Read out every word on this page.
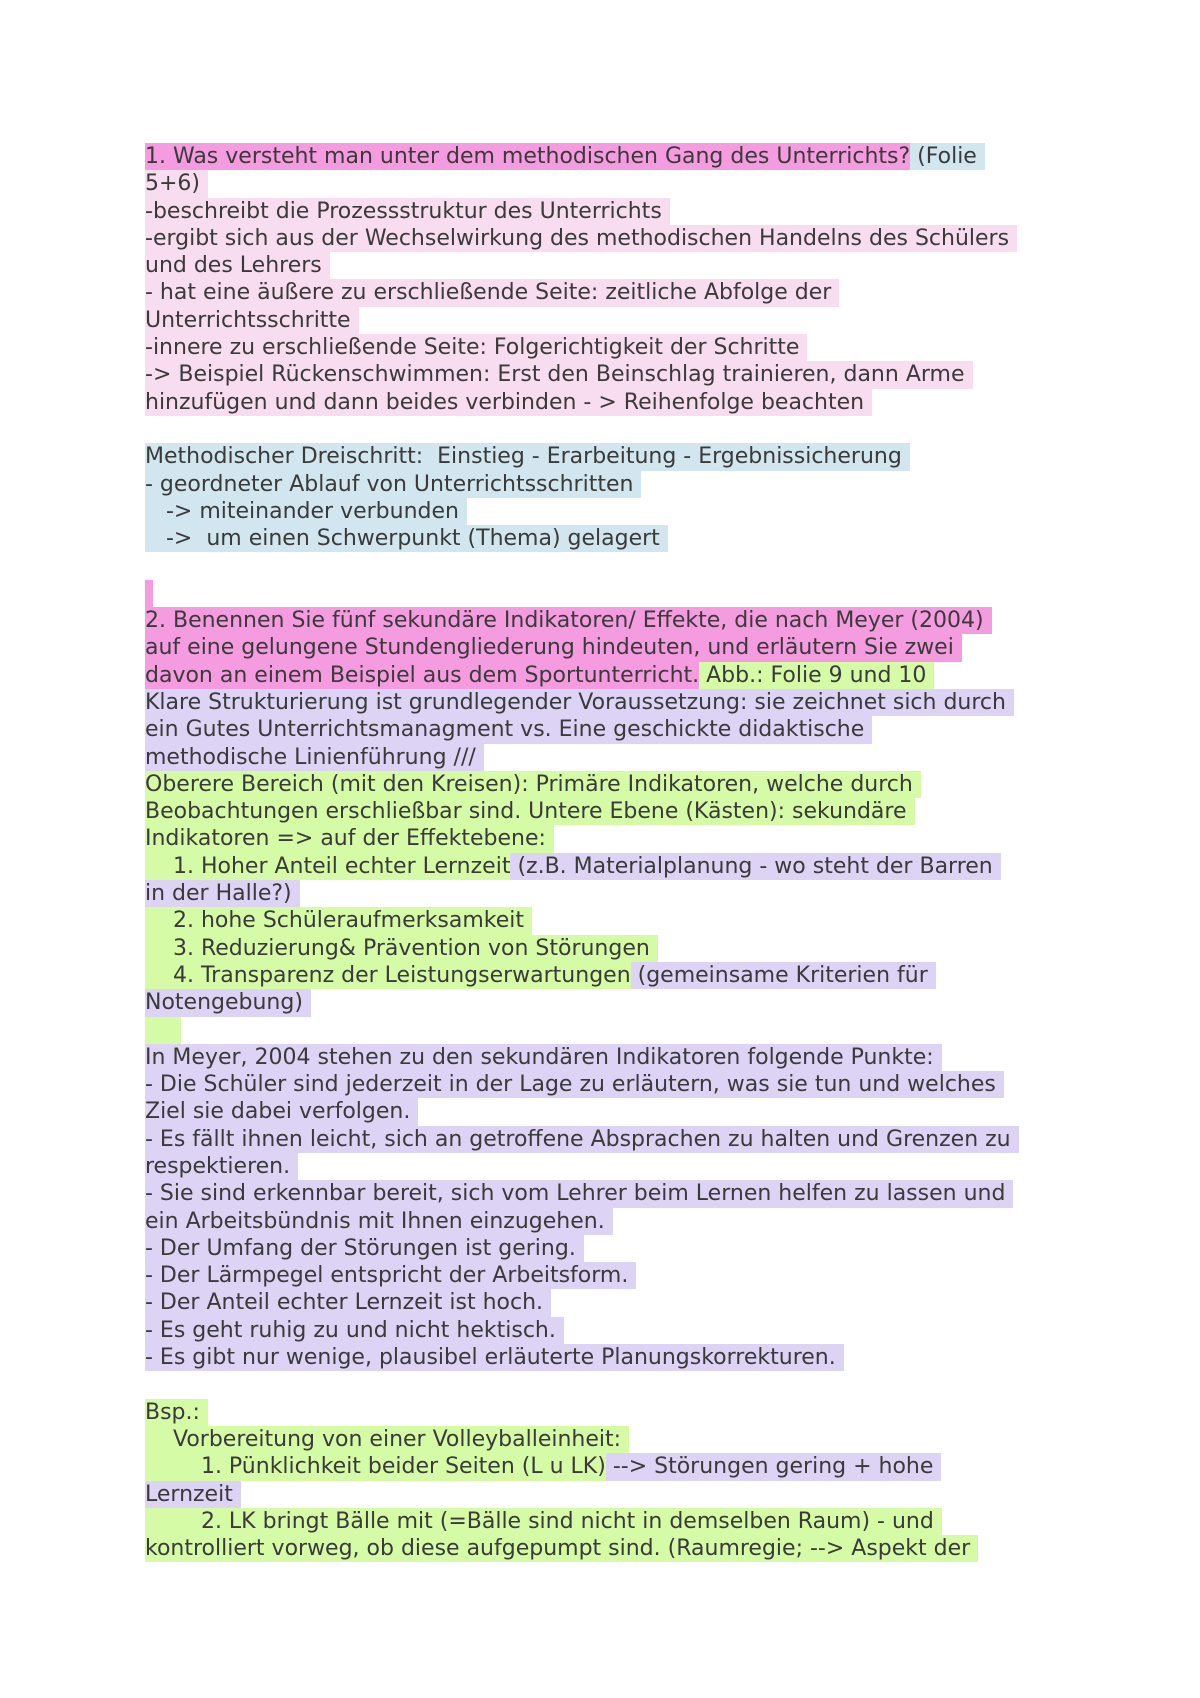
1. Was versteht man unter dem methodischen Gang des Unterrichts? (Folie
5+6)
-beschreibt die Prozessstruktur des Unterrichts
-ergibt sich aus der Wechselwirkung des methodischen Handelns des Schülers
und des Lehrers
- hat eine äußere zu erschließende Seite: zeitliche Abfolge der
Unterrichtsschritte
-innere zu erschließende Seite: Folgerichtigkeit der Schritte
-> Beispiel Rückenschwimmen: Erst den Beinschlag trainieren, dann Arme
hinzufügen und dann beides verbinden - > Reihenfolge beachten
Methodischer Dreischritt:  Einstieg - Erarbeitung - Ergebnissicherung
- geordneter Ablauf von Unterrichtsschritten
-> miteinander verbunden
->  um einen Schwerpunkt (Thema) gelagert
2. Benennen Sie fünf sekundäre Indikatoren/ Effekte, die nach Meyer (2004)
auf eine gelungene Stundengliederung hindeuten, und erläutern Sie zwei
davon an einem Beispiel aus dem Sportunterricht. Abb.: Folie 9 und 10
Klare Strukturierung ist grundlegender Voraussetzung: sie zeichnet sich durch
ein Gutes Unterrichtsmanagment vs. Eine geschickte didaktische
methodische Linienführung ///
Oberere Bereich (mit den Kreisen): Primäre Indikatoren, welche durch
Beobachtungen erschließbar sind. Untere Ebene (Kästen): sekundäre
Indikatoren => auf der Effektebene:
1. Hoher Anteil echter Lernzeit (z.B. Materialplanung - wo steht der Barren
in der Halle?)
2. hohe Schüleraufmerksamkeit
3. Reduzierung& Prävention von Störungen
4. Transparenz der Leistungserwartungen (gemeinsame Kriterien für
Notengebung)

In Meyer, 2004 stehen zu den sekundären Indikatoren folgende Punkte:
- Die Schüler sind jederzeit in der Lage zu erläutern, was sie tun und welches
Ziel sie dabei verfolgen.
- Es fällt ihnen leicht, sich an getroffene Absprachen zu halten und Grenzen zu
respektieren.
- Sie sind erkennbar bereit, sich vom Lehrer beim Lernen helfen zu lassen und
ein Arbeitsbündnis mit Ihnen einzugehen.
- Der Umfang der Störungen ist gering.
- Der Lärmpegel entspricht der Arbeitsform.
- Der Anteil echter Lernzeit ist hoch.
- Es geht ruhig zu und nicht hektisch.
- Es gibt nur wenige, plausibel erläuterte Planungskorrekturen.
Bsp.:
Vorbereitung von einer Volleyballeinheit:
1. Pünklichkeit beider Seiten (L u LK) --> Störungen gering + hohe
Lernzeit
2. LK bringt Bälle mit (=Bälle sind nicht in demselben Raum) - und
kontrolliert vorweg, ob diese aufgepumpt sind. (Raumregie; --> Aspekt der
